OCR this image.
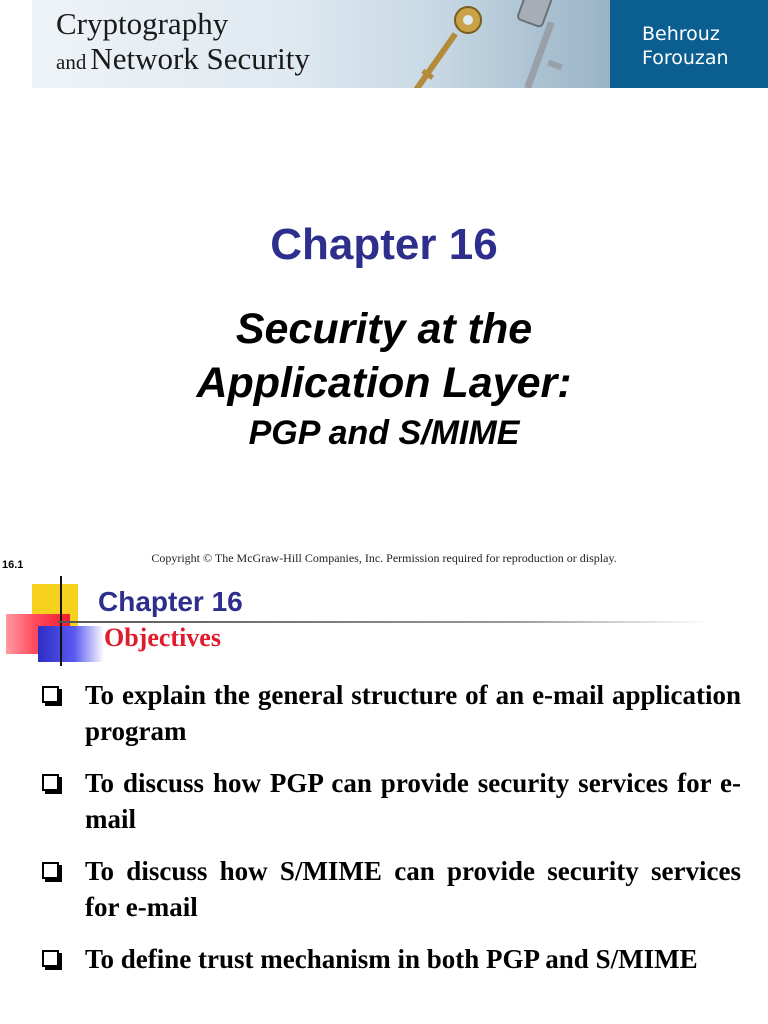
Cryptography
and Network Security
Behrouz
Forouzan
Chapter 16
Security at the
Application Layer:
PGP and S/MIME
Copyright © The McGraw-Hill Companies, Inc. Permission required for reproduction or display.
16.1
Chapter 16
Objectives
To explain the general structure of an e-mail application program
To discuss how PGP can provide security services for e-mail
To discuss how S/MIME can provide security services for e-mail
To define trust mechanism in both PGP and S/MIME
